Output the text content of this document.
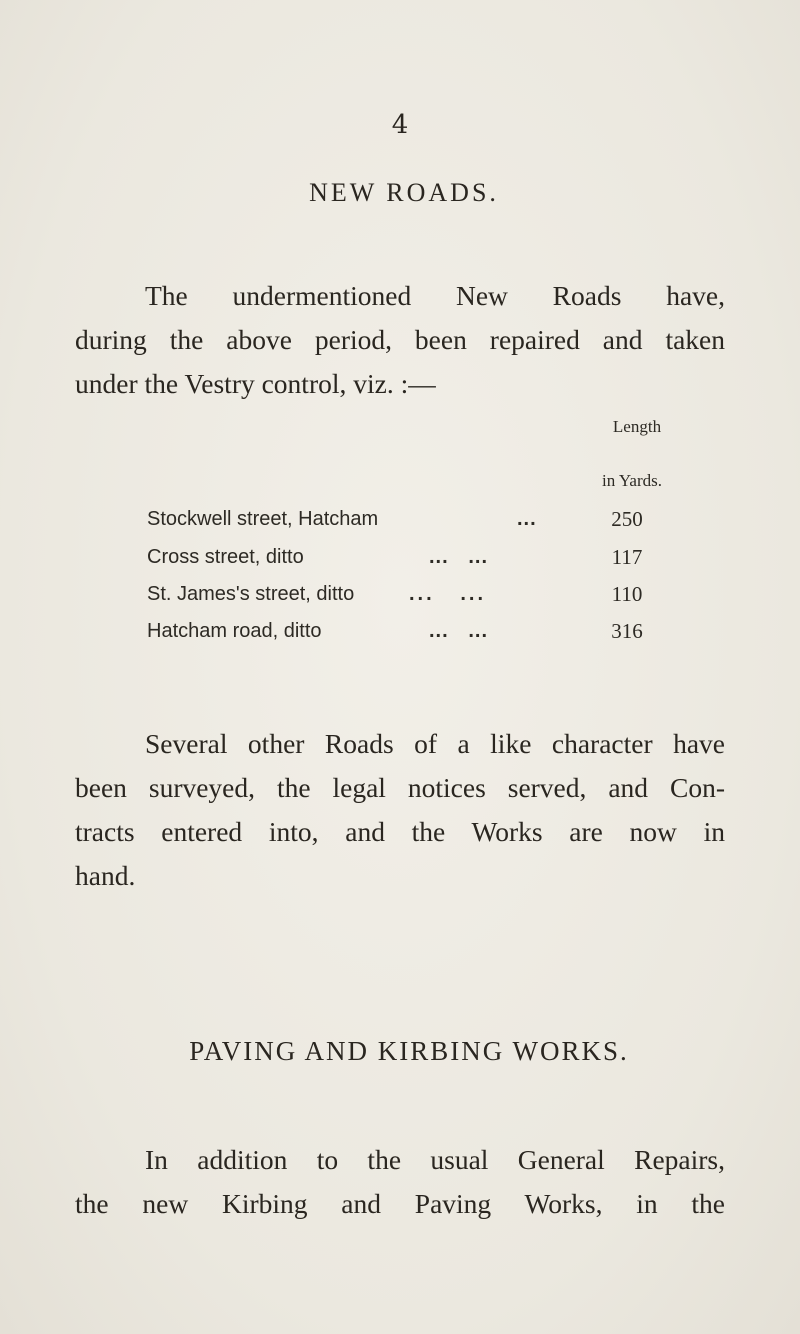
4
NEW ROADS.
The undermentioned New Roads have,
during the above period, been repaired and taken
under the Vestry control, viz. :—
Length
in Yards.
Stockwell street, Hatcham	...	250
Cross street, ditto	...   ...	117
St. James's street, ditto	...   ...	110
Hatcham road, ditto	...   ...	316
Several other Roads of a like character have
been surveyed, the legal notices served, and Con-
tracts entered into, and the Works are now in
hand.
PAVING AND KIRBING WORKS.
In addition to the usual General Repairs,
the new Kirbing and Paving Works, in the
